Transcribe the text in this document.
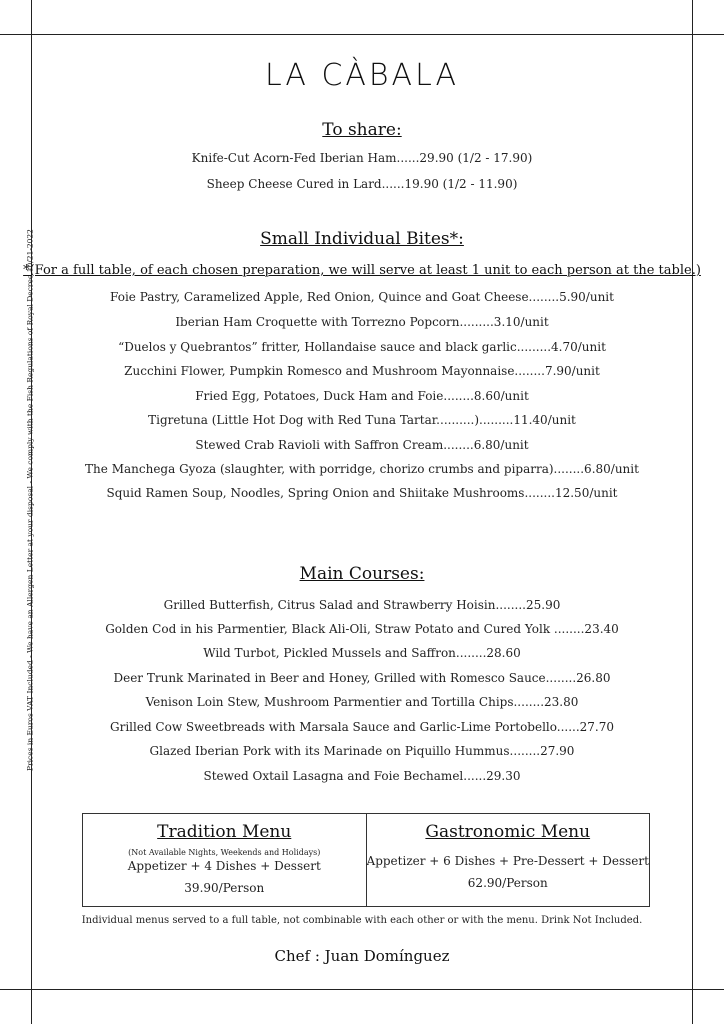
Prices in Euros VAT Included - We have an Allergen Letter at your disposal - We comply with the Fish Regulations of Royal Decree 10/21-2022
LA CÀBALA
To share:
Knife-Cut Acorn-Fed Iberian Ham......29.90 (1/2 - 17.90)
Sheep Cheese Cured in Lard......19.90 (1/2 - 11.90)
Small Individual Bites*:
*(For a full table, of each chosen preparation, we will serve at least 1 unit to each person at the table.)
Foie Pastry, Caramelized Apple, Red Onion, Quince and Goat Cheese........5.90/unit
Iberian Ham Croquette with Torrezno Popcorn.........3.10/unit
“Duelos y Quebrantos” fritter, Hollandaise sauce and black garlic.........4.70/unit
Zucchini Flower, Pumpkin Romesco and Mushroom Mayonnaise........7.90/unit
Fried Egg, Potatoes, Duck Ham and Foie........8.60/unit
Tigretuna (Little Hot Dog with Red Tuna Tartar..........).........11.40/unit
Stewed Crab Ravioli with Saffron Cream........6.80/unit
The Manchega Gyoza (slaughter, with porridge, chorizo crumbs and piparra)........6.80/unit
Squid Ramen Soup, Noodles, Spring Onion and Shiitake Mushrooms........12.50/unit
Main Courses:
Grilled Butterfish, Citrus Salad and Strawberry Hoisin........25.90
Golden Cod in his Parmentier, Black Ali-Oli, Straw Potato and Cured Yolk ........23.40
Wild Turbot, Pickled Mussels and Saffron........28.60
Deer Trunk Marinated in Beer and Honey, Grilled with Romesco Sauce........26.80
Venison Loin Stew, Mushroom Parmentier and Tortilla Chips........23.80
Grilled Cow Sweetbreads with Marsala Sauce and Garlic-Lime Portobello......27.70
Glazed Iberian Pork with its Marinade on Piquillo Hummus........27.90
Stewed Oxtail Lasagna and Foie Bechamel......29.30
Tradition Menu
(Not Available Nights, Weekends and Holidays)
Appetizer + 4 Dishes + Dessert
39.90/Person
Gastronomic Menu
Appetizer + 6 Dishes + Pre-Dessert + Dessert
62.90/Person
Individual menus served to a full table, not combinable with each other or with the menu. Drink Not Included.
Chef : Juan Domínguez
